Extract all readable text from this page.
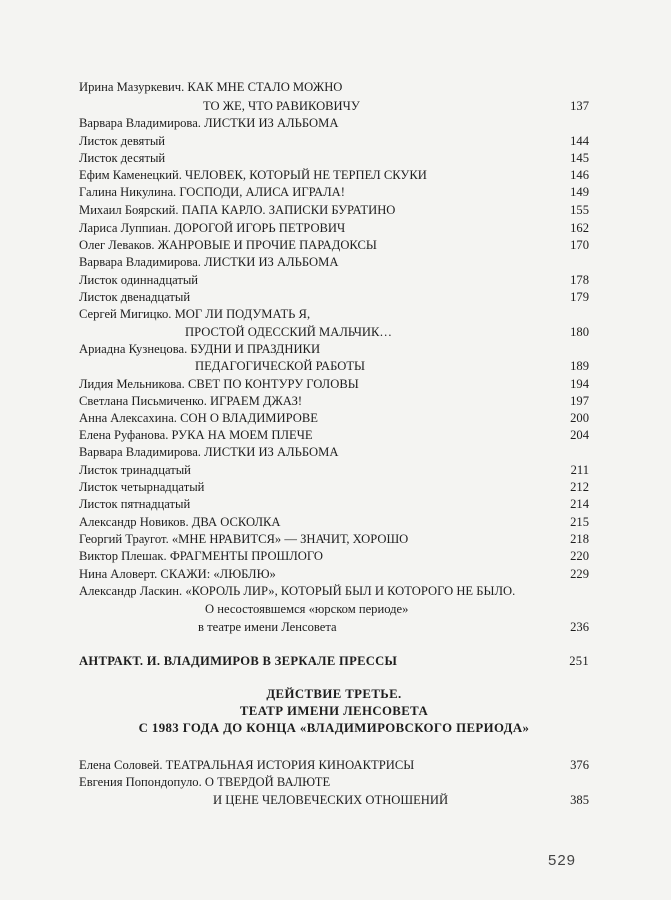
Ирина Мазуркевич. КАК МНЕ СТАЛО МОЖНО
ТО ЖЕ, ЧТО РАВИКОВИЧУ	137
Варвара Владимирова. ЛИСТКИ ИЗ АЛЬБОМА
Листок девятый	144
Листок десятый	145
Ефим Каменецкий. ЧЕЛОВЕК, КОТОРЫЙ НЕ ТЕРПЕЛ СКУКИ	146
Галина Никулина. ГОСПОДИ, АЛИСА ИГРАЛА!	149
Михаил Боярский. ПАПА КАРЛО. ЗАПИСКИ БУРАТИНО	155
Лариса Луппиан. ДОРОГОЙ ИГОРЬ ПЕТРОВИЧ	162
Олег Леваков. ЖАНРОВЫЕ И ПРОЧИЕ ПАРАДОКСЫ	170
Варвара Владимирова. ЛИСТКИ ИЗ АЛЬБОМА
Листок одиннадцатый	178
Листок двенадцатый	179
Сергей Мигицко. МОГ ЛИ ПОДУМАТЬ Я,
ПРОСТОЙ ОДЕССКИЙ МАЛЬЧИК…	180
Ариадна Кузнецова. БУДНИ И ПРАЗДНИКИ
ПЕДАГОГИЧЕСКОЙ РАБОТЫ	189
Лидия Мельникова. СВЕТ ПО КОНТУРУ ГОЛОВЫ	194
Светлана Письмиченко. ИГРАЕМ ДЖАЗ!	197
Анна Алексахина. СОН О ВЛАДИМИРОВЕ	200
Елена Руфанова. РУКА НА МОЕМ ПЛЕЧЕ	204
Варвара Владимирова. ЛИСТКИ ИЗ АЛЬБОМА
Листок тринадцатый	211
Листок четырнадцатый	212
Листок пятнадцатый	214
Александр Новиков. ДВА ОСКОЛКА	215
Георгий Траугот. «МНЕ НРАВИТСЯ» — ЗНАЧИТ, ХОРОШО	218
Виктор Плешак. ФРАГМЕНТЫ ПРОШЛОГО	220
Нина Аловерт. СКАЖИ: «ЛЮБЛЮ»	229
Александр Ласкин. «КОРОЛЬ ЛИР», КОТОРЫЙ БЫЛ И КОТОРОГО НЕ БЫЛО.
О несостоявшемся «юрском периоде»
в театре имени Ленсовета	236
АНТРАКТ. И. ВЛАДИМИРОВ В ЗЕРКАЛЕ ПРЕССЫ	251
ДЕЙСТВИЕ ТРЕТЬЕ.
ТЕАТР ИМЕНИ ЛЕНСОВЕТА
С 1983 ГОДА ДО КОНЦА «ВЛАДИМИРОВСКОГО ПЕРИОДА»
Елена Соловей. ТЕАТРАЛЬНАЯ ИСТОРИЯ КИНОАКТРИСЫ	376
Евгения Попондопуло. О ТВЕРДОЙ ВАЛЮТЕ
И ЦЕНЕ ЧЕЛОВЕЧЕСКИХ ОТНОШЕНИЙ	385
529
